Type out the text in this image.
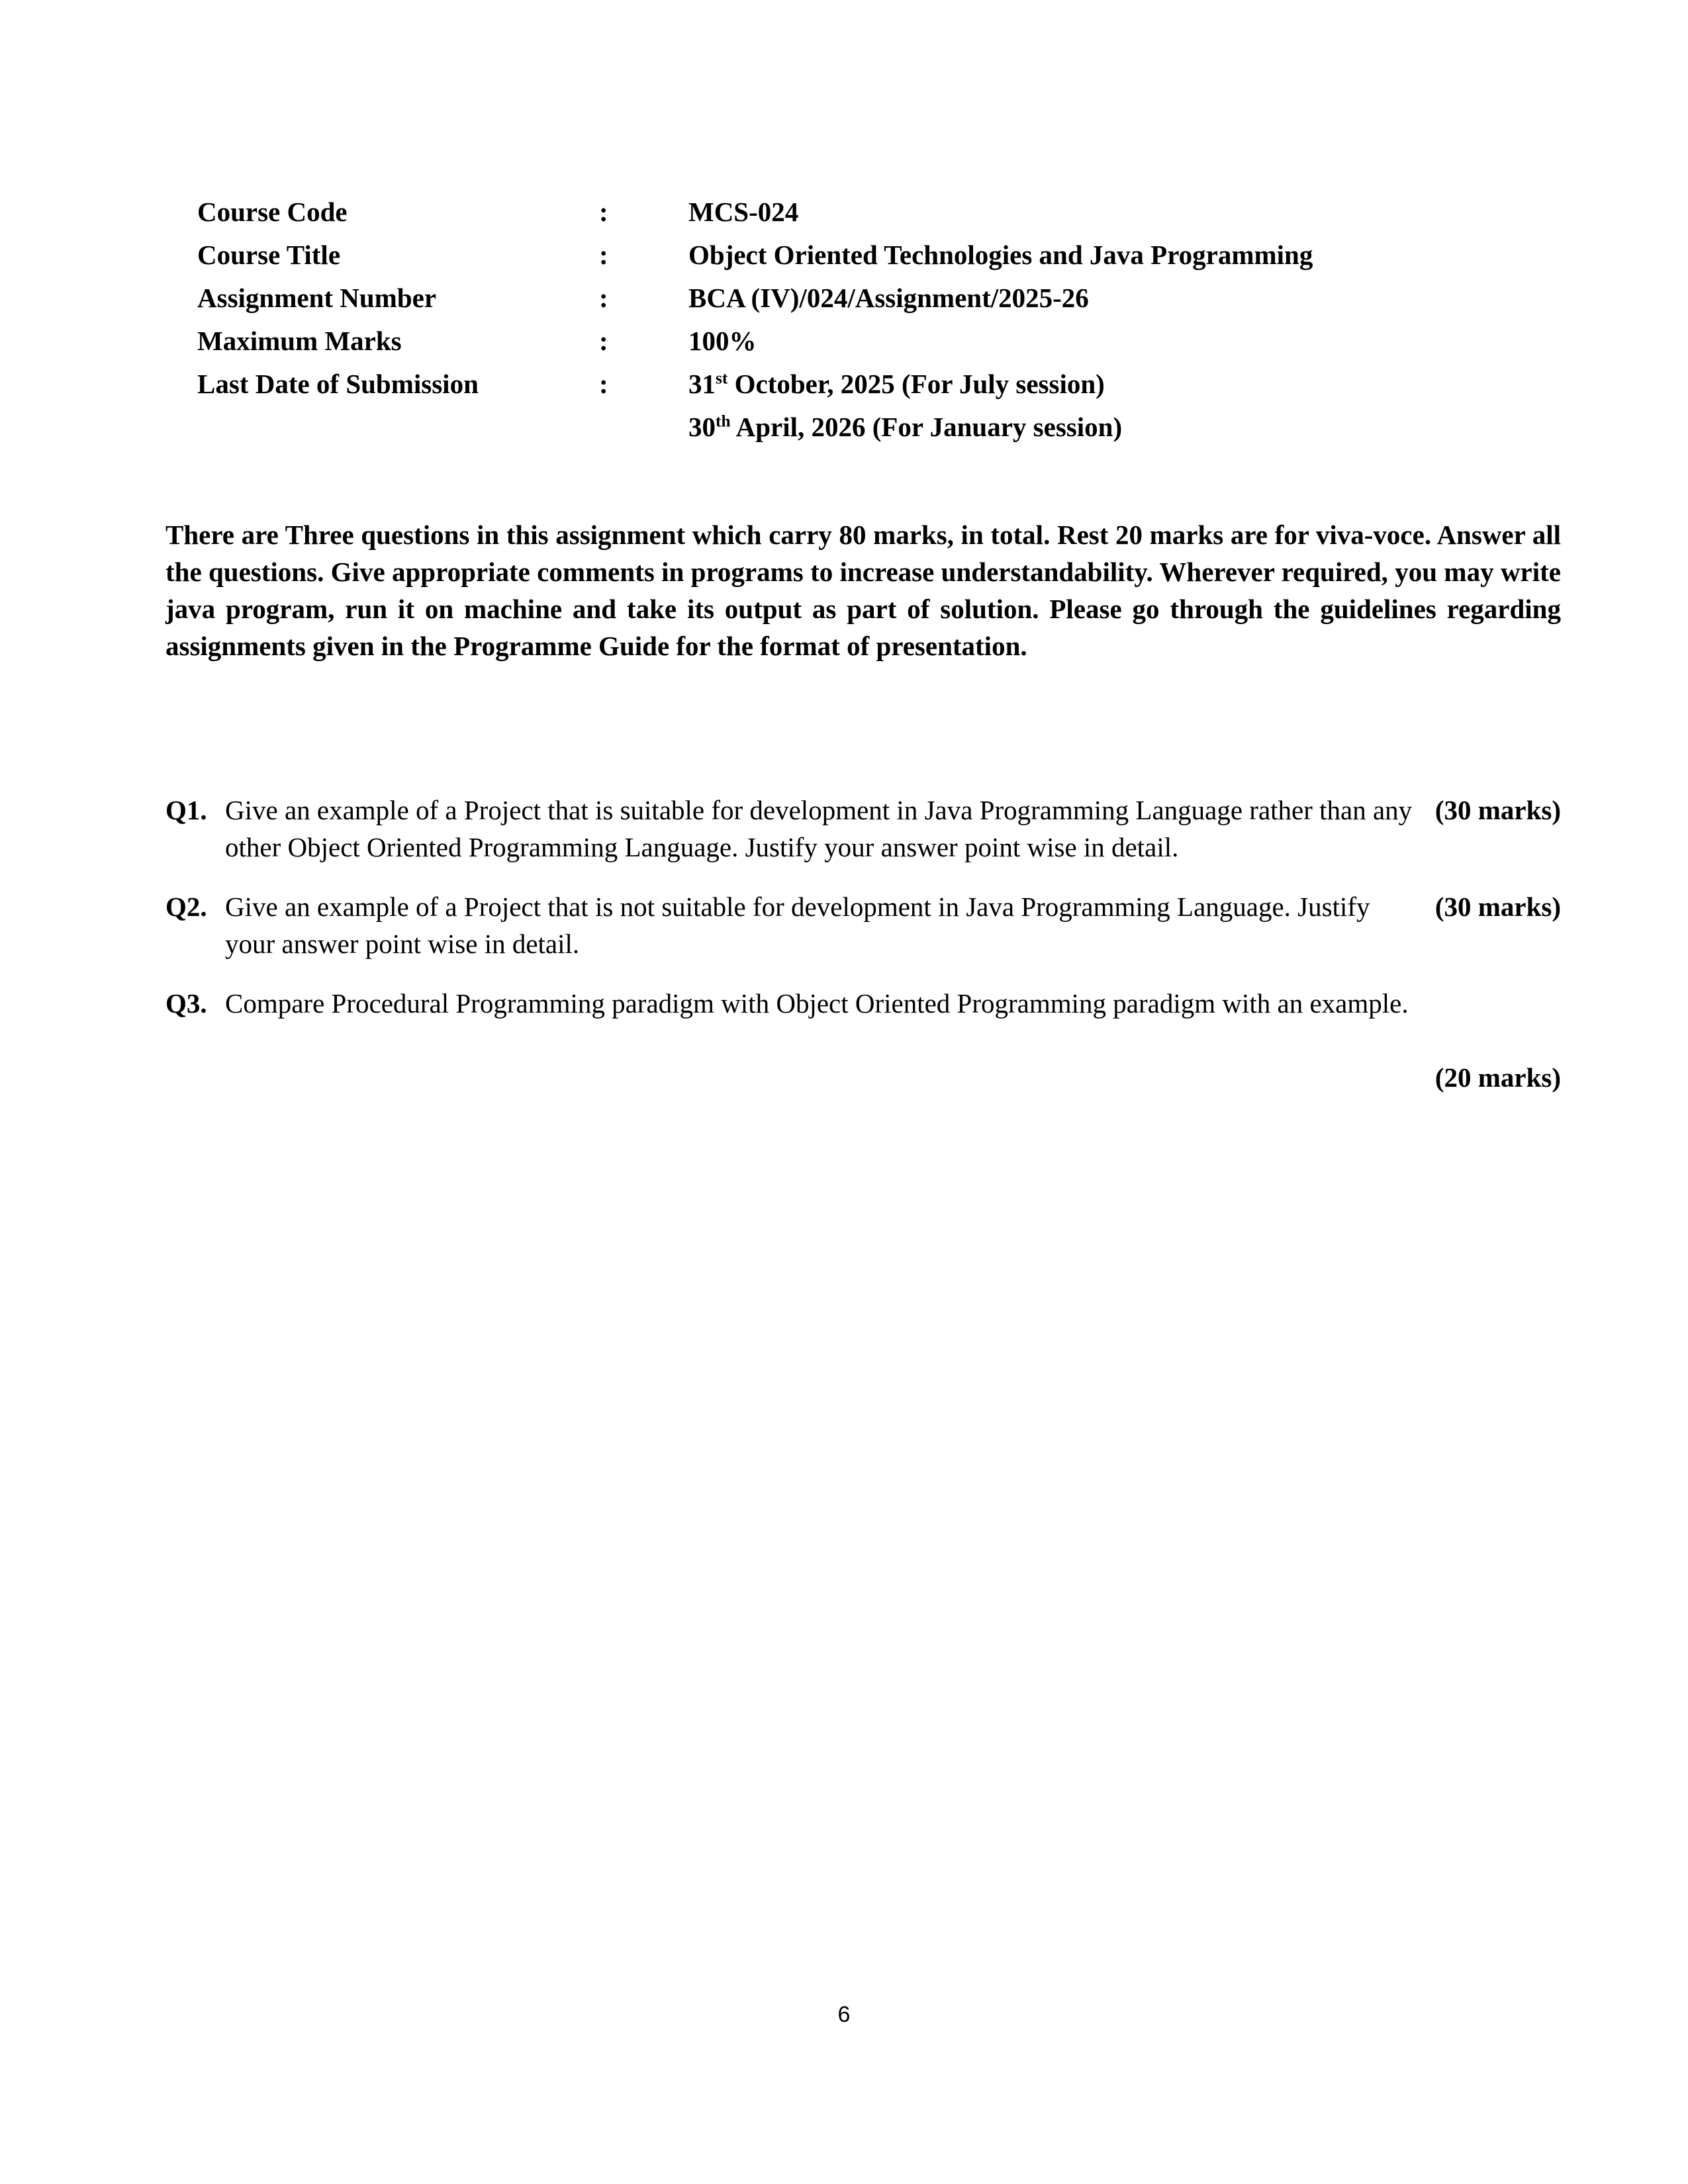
Course Code	:	MCS-024
Course Title	:	Object Oriented Technologies and Java Programming
Assignment Number	:	BCA (IV)/024/Assignment/2025-26
Maximum Marks	:	100%
Last Date of Submission	:	31st October, 2025 (For July session)
30th April, 2026 (For January session)
There are Three questions in this assignment which carry 80 marks, in total. Rest 20 marks are for viva-voce. Answer all the questions. Give appropriate comments in programs to increase understandability. Wherever required, you may write java program, run it on machine and take its output as part of solution. Please go through the guidelines regarding assignments given in the Programme Guide for the format of presentation.
Q1.	(30 marks)
Give an example of a Project that is suitable for development in Java Programming Language rather than any other Object Oriented Programming Language. Justify your answer point wise in detail.
Q2.	(30 marks)
Give an example of a Project that is not suitable for development in Java Programming Language. Justify your answer point wise in detail.
Q3. Compare Procedural Programming paradigm with Object Oriented Programming paradigm with an example.
(20 marks)
6
